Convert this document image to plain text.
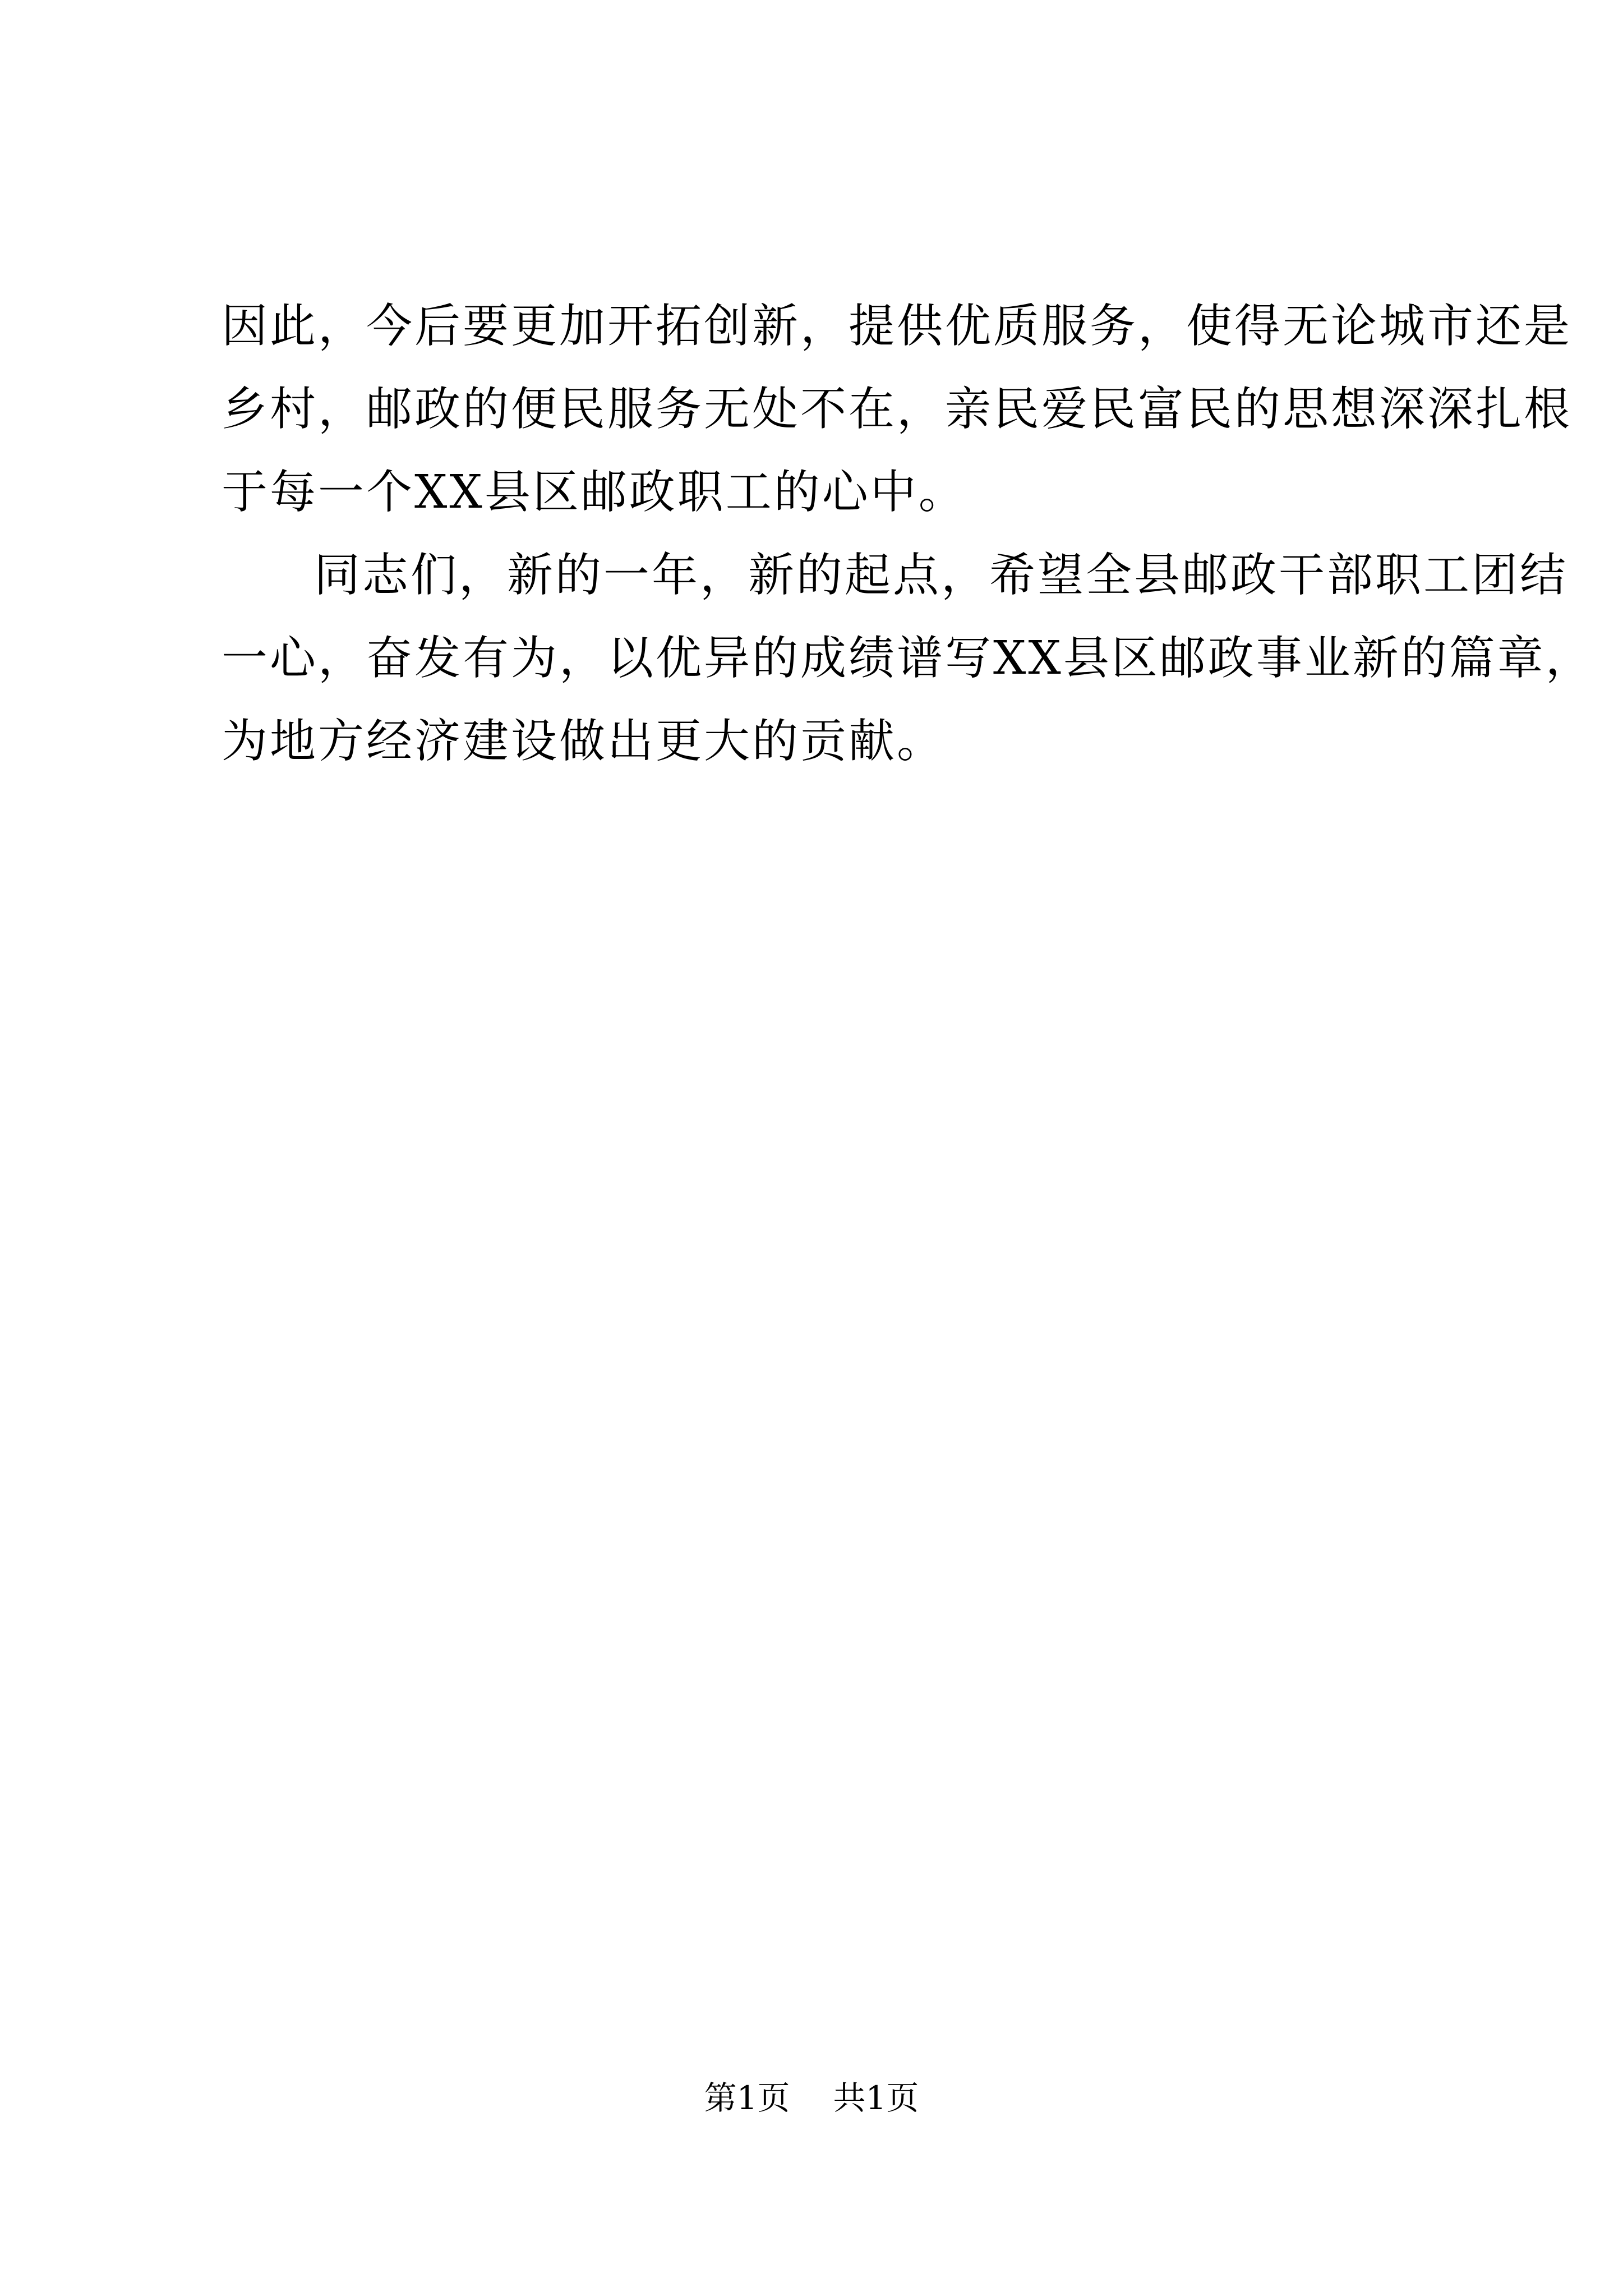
因此，今后要更加开拓创新，提供优质服务，使得无论城市还是
乡村，邮政的便民服务无处不在，亲民爱民富民的思想深深扎根
于每一个XX县区邮政职工的心中。
同志们，新的一年，新的起点，希望全县邮政干部职工团结
一心，奋发有为，以优异的成绩谱写XX县区邮政事业新的篇章，
为地方经济建设做出更大的贡献。
第1页 共1页
